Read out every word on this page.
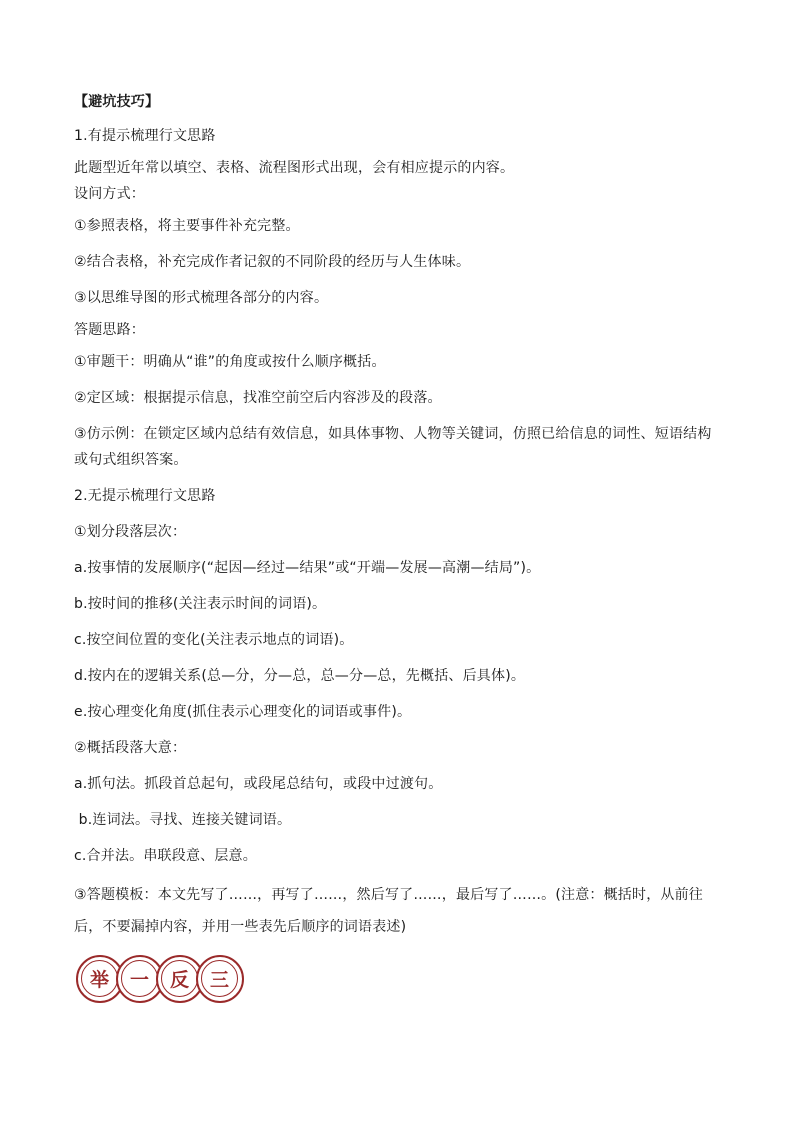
【避坑技巧】
1.有提示梳理行文思路
此题型近年常以填空、表格、流程图形式出现，会有相应提示的内容。
设问方式：
①参照表格，将主要事件补充完整。
②结合表格，补充完成作者记叙的不同阶段的经历与人生体味。
③以思维导图的形式梳理各部分的内容。
答题思路：
①审题干：明确从“谁”的角度或按什么顺序概括。
②定区域：根据提示信息，找准空前空后内容涉及的段落。
③仿示例：在锁定区域内总结有效信息，如具体事物、人物等关键词，仿照已给信息的词性、短语结构或句式组织答案。
2.无提示梳理行文思路
①划分段落层次：
a.按事情的发展顺序(“起因—经过—结果”或“开端—发展—高潮—结局”)。
b.按时间的推移(关注表示时间的词语)。
c.按空间位置的变化(关注表示地点的词语)。
d.按内在的逻辑关系(总—分，分—总，总—分—总，先概括、后具体)。
e.按心理变化角度(抓住表示心理变化的词语或事件)。
②概括段落大意：
a.抓句法。抓段首总起句，或段尾总结句，或段中过渡句。
b.连词法。寻找、连接关键词语。
c.合并法。串联段意、层意。
③答题模板：本文先写了……，再写了……，然后写了……，最后写了……。(注意：概括时，从前往后，不要漏掉内容，并用一些表先后顺序的词语表述)
举	一	反	三
